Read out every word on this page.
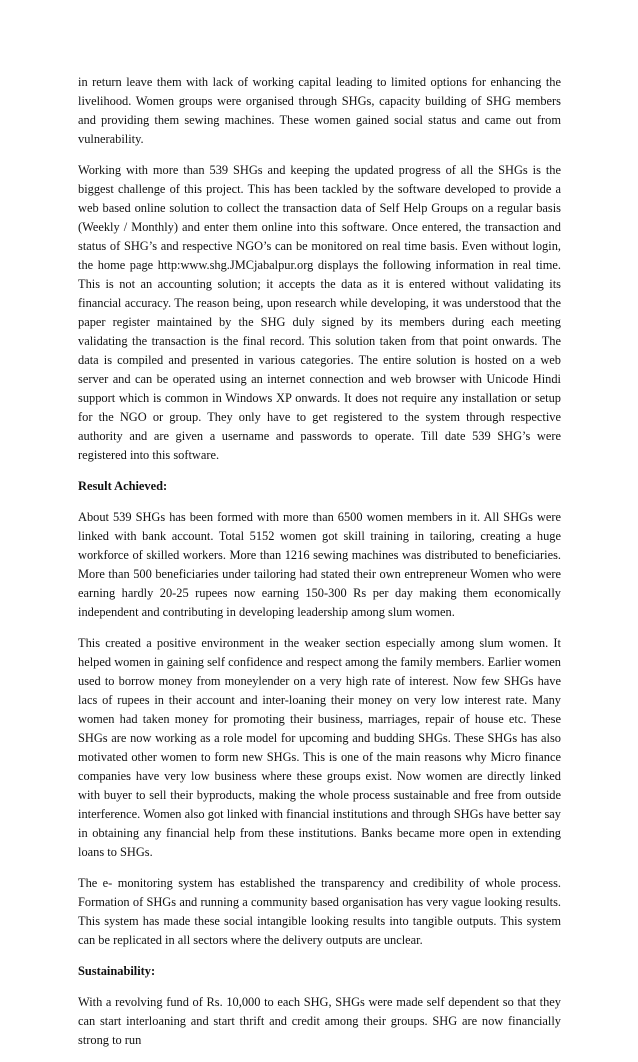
in return leave them with lack of working capital leading to limited options for enhancing the livelihood. Women groups were organised through SHGs, capacity building of SHG members and providing them sewing machines. These women gained social status and came out from vulnerability.

Working with more than 539 SHGs and keeping the updated progress of all the SHGs is the biggest challenge of this project. This has been tackled by the software developed to provide a web based online solution to collect the transaction data of Self Help Groups on a regular basis (Weekly / Monthly) and enter them online into this software. Once entered, the transaction and status of SHG’s and respective NGO’s can be monitored on real time basis. Even without login, the home page http:www.shg.JMCjabalpur.org displays the following information in real time. This is not an accounting solution; it accepts the data as it is entered without validating its financial accuracy. The reason being, upon research while developing, it was understood that the paper register maintained by the SHG duly signed by its members during each meeting validating the transaction is the final record. This solution taken from that point onwards. The data is compiled and presented in various categories. The entire solution is hosted on a web server and can be operated using an internet connection and web browser with Unicode Hindi support which is common in Windows XP onwards. It does not require any installation or setup for the NGO or group. They only have to get registered to the system through respective authority and are given a username and passwords to operate. Till date 539 SHG’s were registered into this software.

Result Achieved:

About 539 SHGs has been formed with more than 6500 women members in it. All SHGs were linked with bank account. Total 5152 women got skill training in tailoring, creating a huge workforce of skilled workers. More than 1216 sewing machines was distributed to beneficiaries. More than 500 beneficiaries under tailoring had stated their own entrepreneur Women who were earning hardly 20-25 rupees now earning 150-300 Rs per day making them economically independent and contributing in developing leadership among slum women.

This created a positive environment in the weaker section especially among slum women. It helped women in gaining self confidence and respect among the family members. Earlier women used to borrow money from moneylender on a very high rate of interest. Now few SHGs have lacs of rupees in their account and inter-loaning their money on very low interest rate. Many women had taken money for promoting their business, marriages, repair of house etc. These SHGs are now working as a role model for upcoming and budding SHGs. These SHGs has also motivated other women to form new SHGs. This is one of the main reasons why Micro finance companies have very low business where these groups exist. Now women are directly linked with buyer to sell their byproducts, making the whole process sustainable and free from outside interference. Women also got linked with financial institutions and through SHGs have better say in obtaining any financial help from these institutions. Banks became more open in extending loans to SHGs.

The e- monitoring system has established the transparency and credibility of whole process. Formation of SHGs and running a community based organisation has very vague looking results. This system has made these social intangible looking results into tangible outputs. This system can be replicated in all sectors where the delivery outputs are unclear.

Sustainability:

With a revolving fund of Rs. 10,000 to each SHG, SHGs were made self dependent so that they can start interloaning and start thrift and credit among their groups. SHG are now financially strong to run
